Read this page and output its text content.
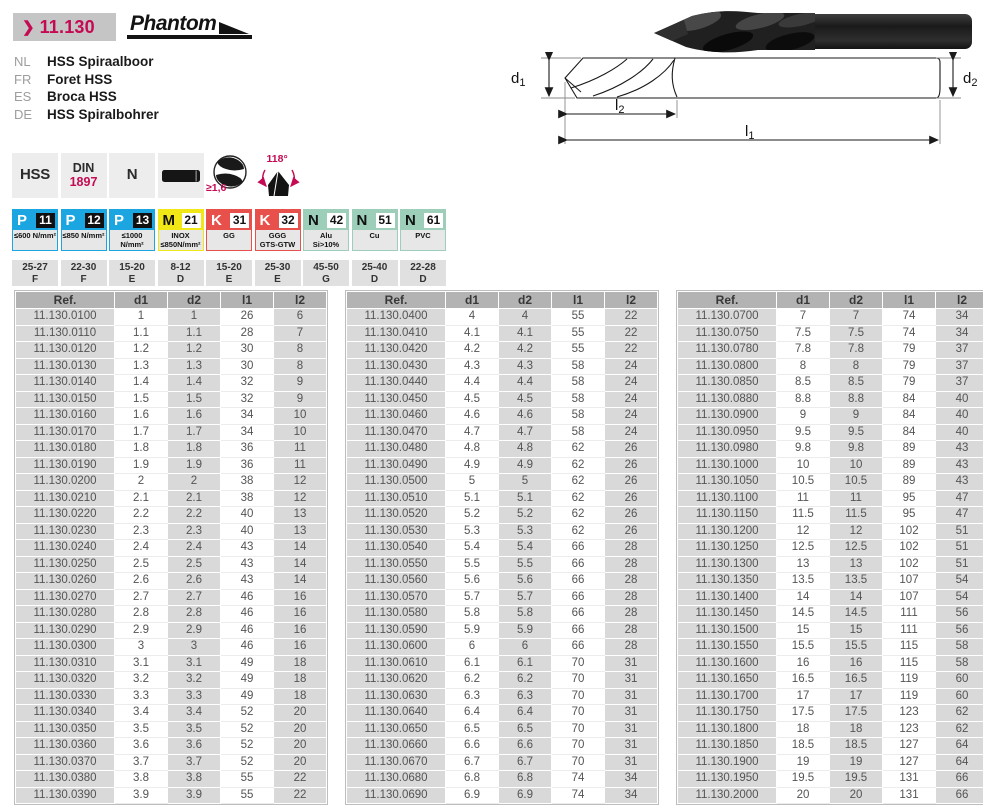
❯ 11.130 Phantom
NL	HSS Spiraalboor
FR	Foret HSS
ES	Broca HSS
DE HSS Spiralbohrer
$d_1$	$d_2$
$l_2$
$l_1$
HSS DIN
1897 N
≥1,6
118°
P 11
≤600 N/mm²
P 12
≤850 N/mm²
P 13
≤1000 N/mm²
M 21
INOX
≤850N/mm²
K 31
GG
K 32
GGG
GTS-GTW
N 42
Alu
Si>10%
N 51
Cu
N 61
PVC
25-27
F
22-30
F
15-20
E
8-12
D
15-20
E
25-30
E
45-50
G
25-40
D
22-28
D
Ref.	d1	d2	l1	l2
11.130.0100	1	1	26	6
11.130.0110	1.1	1.1	28	7
11.130.0120	1.2	1.2	30	8
11.130.0130	1.3	1.3	30	8
11.130.0140	1.4	1.4	32	9
11.130.0150	1.5	1.5	32	9
11.130.0160	1.6	1.6	34	10
11.130.0170	1.7	1.7	34	10
11.130.0180	1.8	1.8	36	11
11.130.0190	1.9	1.9	36	11
11.130.0200	2	2	38	12
11.130.0210	2.1	2.1	38	12
11.130.0220	2.2	2.2	40	13
11.130.0230	2.3	2.3	40	13
11.130.0240	2.4	2.4	43	14
11.130.0250	2.5	2.5	43	14
11.130.0260	2.6	2.6	43	14
11.130.0270	2.7	2.7	46	16
11.130.0280	2.8	2.8	46	16
11.130.0290	2.9	2.9	46	16
11.130.0300	3	3	46	16
11.130.0310	3.1	3.1	49	18
11.130.0320	3.2	3.2	49	18
11.130.0330	3.3	3.3	49	18
11.130.0340	3.4	3.4	52	20
11.130.0350	3.5	3.5	52	20
11.130.0360	3.6	3.6	52	20
11.130.0370	3.7	3.7	52	20
11.130.0380	3.8	3.8	55	22
11.130.0390	3.9	3.9	55	22
Ref.	d1	d2	l1	l2
11.130.0400	4	4	55	22
11.130.0410	4.1	4.1	55	22
11.130.0420	4.2	4.2	55	22
11.130.0430	4.3	4.3	58	24
11.130.0440	4.4	4.4	58	24
11.130.0450	4.5	4.5	58	24
11.130.0460	4.6	4.6	58	24
11.130.0470	4.7	4.7	58	24
11.130.0480	4.8	4.8	62	26
11.130.0490	4.9	4.9	62	26
11.130.0500	5	5	62	26
11.130.0510	5.1	5.1	62	26
11.130.0520	5.2	5.2	62	26
11.130.0530	5.3	5.3	62	26
11.130.0540	5.4	5.4	66	28
11.130.0550	5.5	5.5	66	28
11.130.0560	5.6	5.6	66	28
11.130.0570	5.7	5.7	66	28
11.130.0580	5.8	5.8	66	28
11.130.0590	5.9	5.9	66	28
11.130.0600	6	6	66	28
11.130.0610	6.1	6.1	70	31
11.130.0620	6.2	6.2	70	31
11.130.0630	6.3	6.3	70	31
11.130.0640	6.4	6.4	70	31
11.130.0650	6.5	6.5	70	31
11.130.0660	6.6	6.6	70	31
11.130.0670	6.7	6.7	70	31
11.130.0680	6.8	6.8	74	34
11.130.0690	6.9	6.9	74	34
Ref.	d1	d2	l1	l2
11.130.0700	7	7	74	34
11.130.0750	7.5	7.5	74	34
11.130.0780	7.8	7.8	79	37
11.130.0800	8	8	79	37
11.130.0850	8.5	8.5	79	37
11.130.0880	8.8	8.8	84	40
11.130.0900	9	9	84	40
11.130.0950	9.5	9.5	84	40
11.130.0980	9.8	9.8	89	43
11.130.1000	10	10	89	43
11.130.1050	10.5	10.5	89	43
11.130.1100	11	11	95	47
11.130.1150	11.5	11.5	95	47
11.130.1200	12	12	102	51
11.130.1250	12.5	12.5	102	51
11.130.1300	13	13	102	51
11.130.1350	13.5	13.5	107	54
11.130.1400	14	14	107	54
11.130.1450	14.5	14.5	111	56
11.130.1500	15	15	111	56
11.130.1550	15.5	15.5	115	58
11.130.1600	16	16	115	58
11.130.1650	16.5	16.5	119	60
11.130.1700	17	17	119	60
11.130.1750	17.5	17.5	123	62
11.130.1800	18	18	123	62
11.130.1850	18.5	18.5	127	64
11.130.1900	19	19	127	64
11.130.1950	19.5	19.5	131	66
11.130.2000	20	20	131	66
